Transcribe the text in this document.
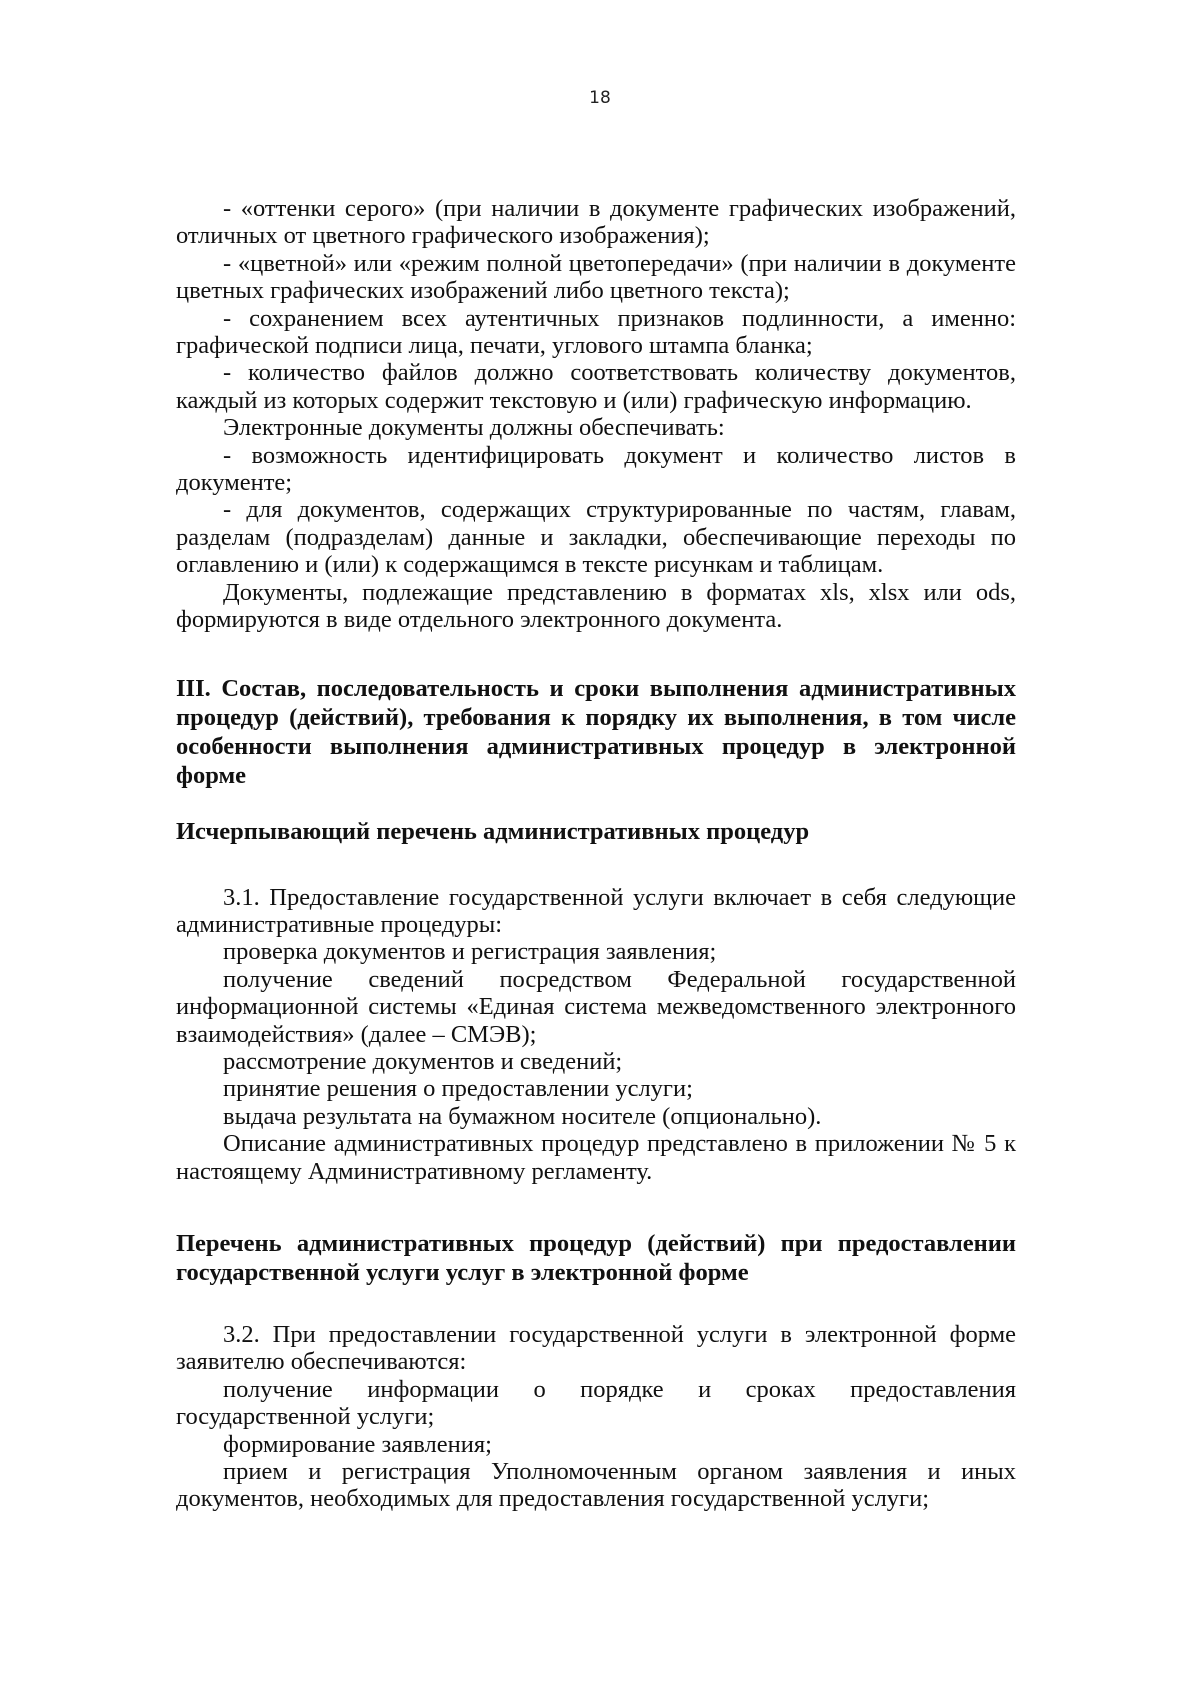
18

- «оттенки серого» (при наличии в документе графических изображений, отличных от цветного графического изображения);

- «цветной» или «режим полной цветопередачи» (при наличии в документе цветных графических изображений либо цветного текста);

- сохранением всех аутентичных признаков подлинности, а именно: графической подписи лица, печати, углового штампа бланка;

- количество файлов должно соответствовать количеству документов, каждый из которых содержит текстовую и (или) графическую информацию.

Электронные документы должны обеспечивать:

- возможность идентифицировать документ и количество листов в документе;

- для документов, содержащих структурированные по частям, главам, разделам (подразделам) данные и закладки, обеспечивающие переходы по оглавлению и (или) к содержащимся в тексте рисункам и таблицам.

Документы, подлежащие представлению в форматах xls, xlsx или ods, формируются в виде отдельного электронного документа.

III. Состав, последовательность и сроки выполнения административных процедур (действий), требования к порядку их выполнения, в том числе особенности выполнения административных процедур в электронной форме

Исчерпывающий перечень административных процедур

3.1. Предоставление государственной услуги включает в себя следующие административные процедуры:

проверка документов и регистрация заявления;

получение сведений посредством Федеральной государственной информационной системы «Единая система межведомственного электронного взаимодействия» (далее – СМЭВ);

рассмотрение документов и сведений;

принятие решения о предоставлении услуги;

выдача результата на бумажном носителе (опционально).

Описание административных процедур представлено в приложении № 5 к настоящему Административному регламенту.

Перечень административных процедур (действий) при предоставлении государственной услуги услуг в электронной форме

3.2. При предоставлении государственной услуги в электронной форме заявителю обеспечиваются:

получение информации о порядке и сроках предоставления государственной услуги;

формирование заявления;

прием и регистрация Уполномоченным органом заявления и иных документов, необходимых для предоставления государственной услуги;
